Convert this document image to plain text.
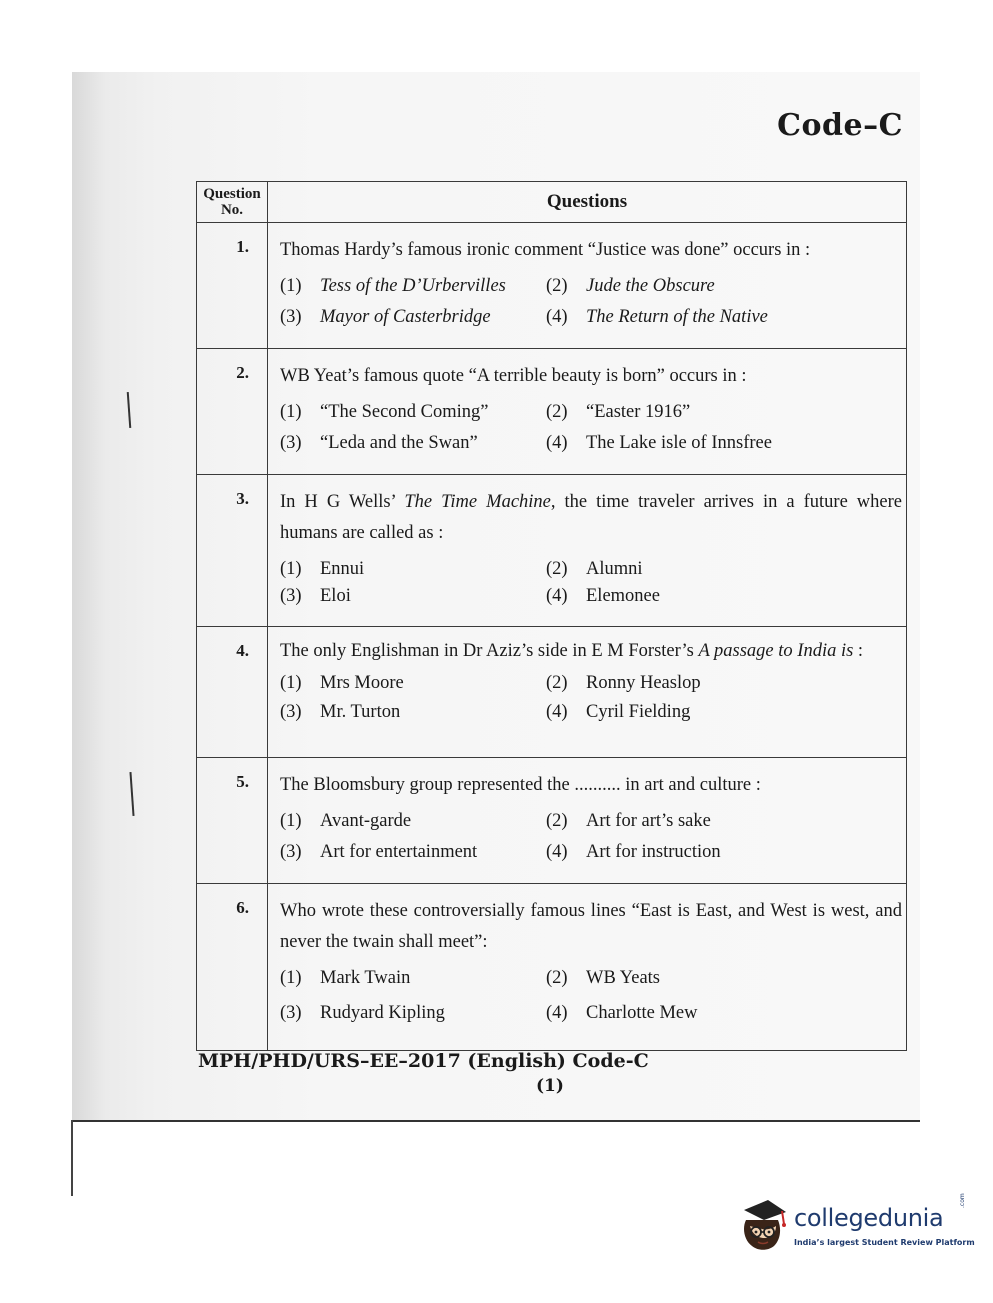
Code–C
Question
No.	Questions
1.	Thomas Hardy’s famous ironic comment “Justice was done” occurs in :
(1) Tess of the D’Urbervilles (2) Jude the Obscure
(3) Mayor of Casterbridge (4) The Return of the Native

2.	WB Yeat’s famous quote “A terrible beauty is born” occurs in :
(1) “The Second Coming” (2) “Easter 1916”
(3) “Leda and the Swan” (4) The Lake isle of Innsfree

3.	In H G Wells’ The Time Machine, the time traveler arrives in a future where humans are called as :
(1) Ennui (2) Alumni
(3) Eloi (4) Elemonee

4.	The only Englishman in Dr Aziz’s side in E M Forster’s A passage to India is :
(1) Mrs Moore (2) Ronny Heaslop
(3) Mr. Turton (4) Cyril Fielding

5.	The Bloomsbury group represented the .......... in art and culture :
(1) Avant-garde (2) Art for art’s sake
(3) Art for entertainment (4) Art for instruction

6.	Who wrote these controversially famous lines “East is East, and West is west, and never the twain shall meet”:
(1) Mark Twain (2) WB Yeats
(3) Rudyard Kipling (4) Charlotte Mew
MPH/PHD/URS–EE–2017 (English) Code-C
(1)
collegedunia
.com
India’s largest Student Review Platform
